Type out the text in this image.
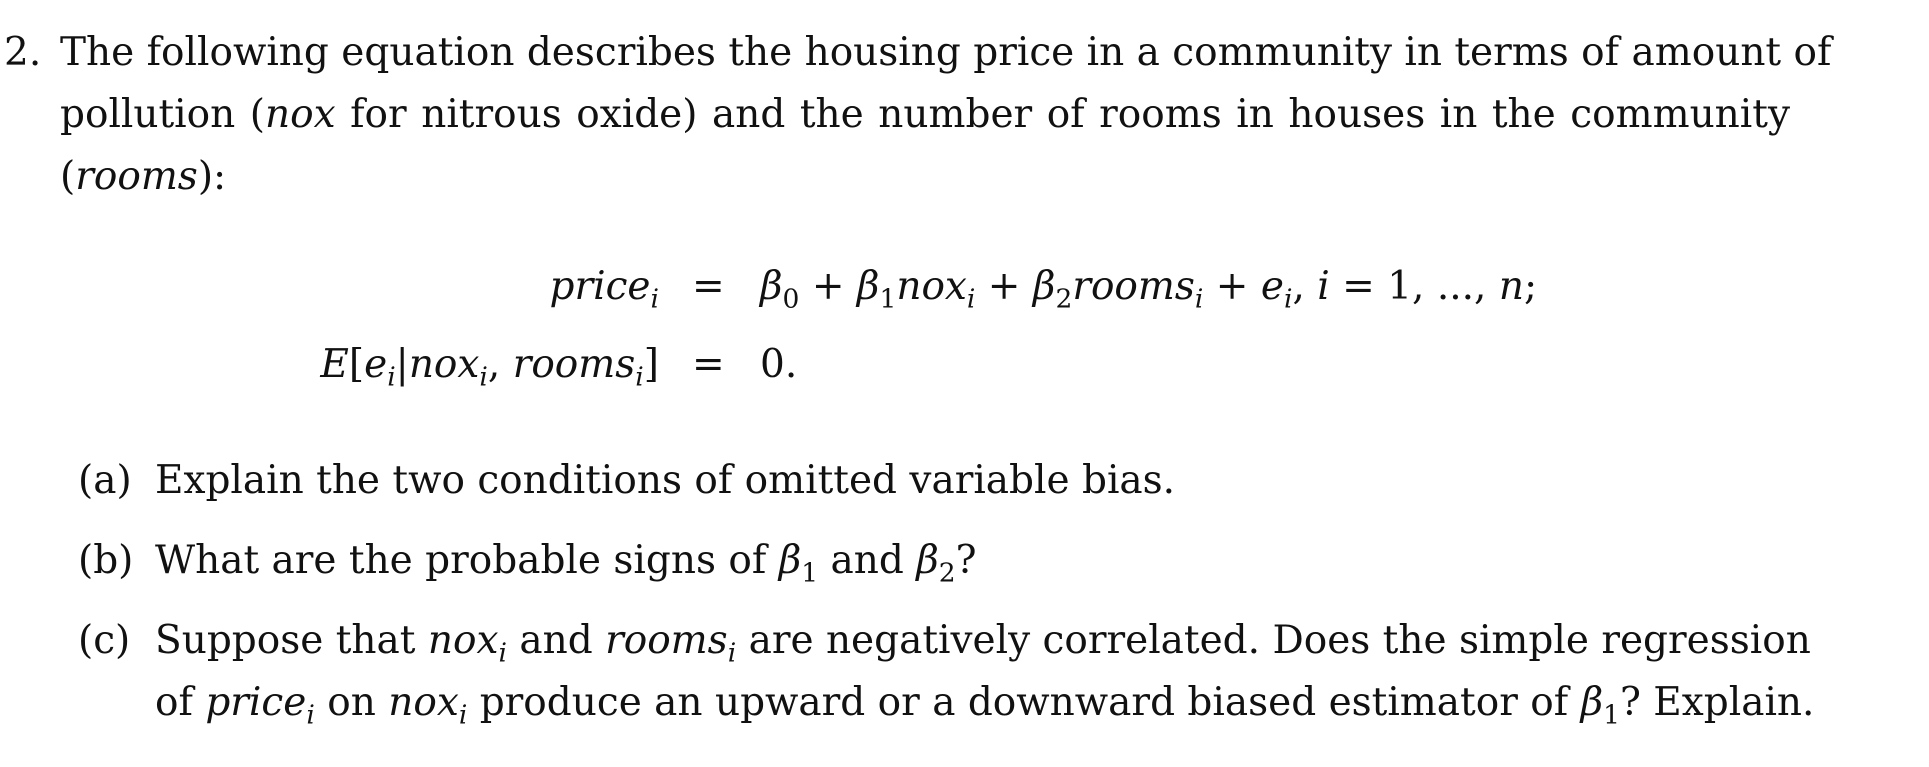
2. The following equation describes the housing price in a community in terms of amount of
pollution (nox for nitrous oxide) and the number of rooms in houses in the community
(rooms):
price$_i$ = $\beta_0 + \beta_1nox_i$ + $\beta_2rooms_i + e_i$, i = 1, ..., n;
$E[e_i|nox_i$, rooms$_i$] = 0.
(a) Explain the two conditions of omitted variable bias.
(b) What are the probable signs of $\beta_1$ and $\beta_2$?
(c) Suppose that nox$_i$ and rooms$_i$ are negatively correlated. Does the simple regression
of price$_i$ on nox$_i$ produce an upward or a downward biased estimator of $\beta_1$? Explain.
